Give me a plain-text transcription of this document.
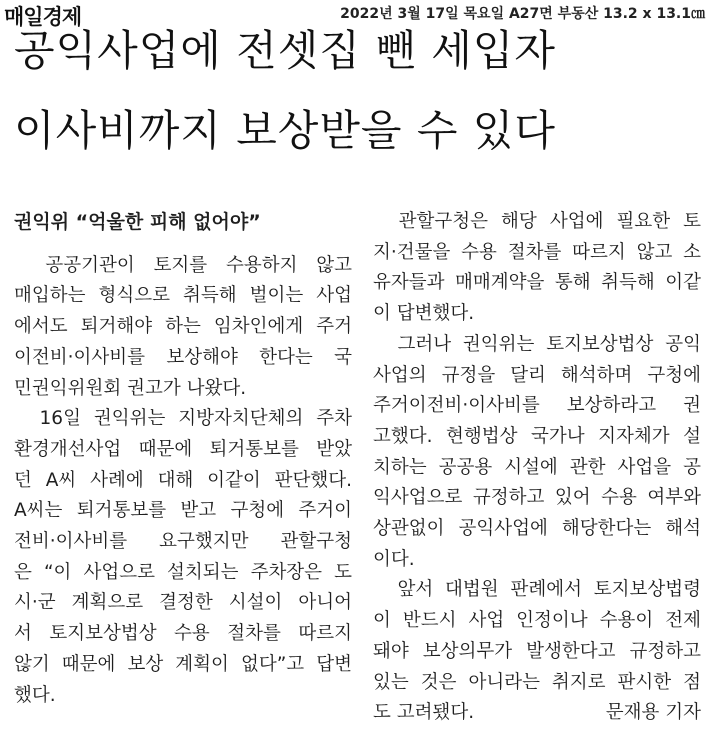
매일경제	2022년 3월 17일 목요일 A27면 부동산 13.2 x 13.1㎝
공익사업에 전셋집 뺀 세입자
이사비까지 보상받을 수 있다
권익위 “억울한 피해 없어야”
　공공기관이 토지를 수용하지 않고
매입하는 형식으로 취득해 벌이는 사업
에서도 퇴거해야 하는 임차인에게 주거
이전비·이사비를 보상해야 한다는 국
민권익위원회 권고가 나왔다.
　16일 권익위는 지방자치단체의 주차
환경개선사업 때문에 퇴거통보를 받았
던 A씨 사례에 대해 이같이 판단했다.
A씨는 퇴거통보를 받고 구청에 주거이
전비·이사비를 요구했지만 관할구청
은 “이 사업으로 설치되는 주차장은 도
시·군 계획으로 결정한 시설이 아니어
서 토지보상법상 수용 절차를 따르지
않기 때문에 보상 계획이 없다”고 답변
했다.
　관할구청은 해당 사업에 필요한 토
지·건물을 수용 절차를 따르지 않고 소
유자들과 매매계약을 통해 취득해 이같
이 답변했다.
　그러나 권익위는 토지보상법상 공익
사업의 규정을 달리 해석하며 구청에
주거이전비·이사비를 보상하라고 권
고했다. 현행법상 국가나 지자체가 설
치하는 공공용 시설에 관한 사업을 공
익사업으로 규정하고 있어 수용 여부와
상관없이 공익사업에 해당한다는 해석
이다.
　앞서 대법원 판례에서 토지보상법령
이 반드시 사업 인정이나 수용이 전제
돼야 보상의무가 발생한다고 규정하고
있는 것은 아니라는 취지로 판시한 점
도 고려됐다.	문재용 기자
